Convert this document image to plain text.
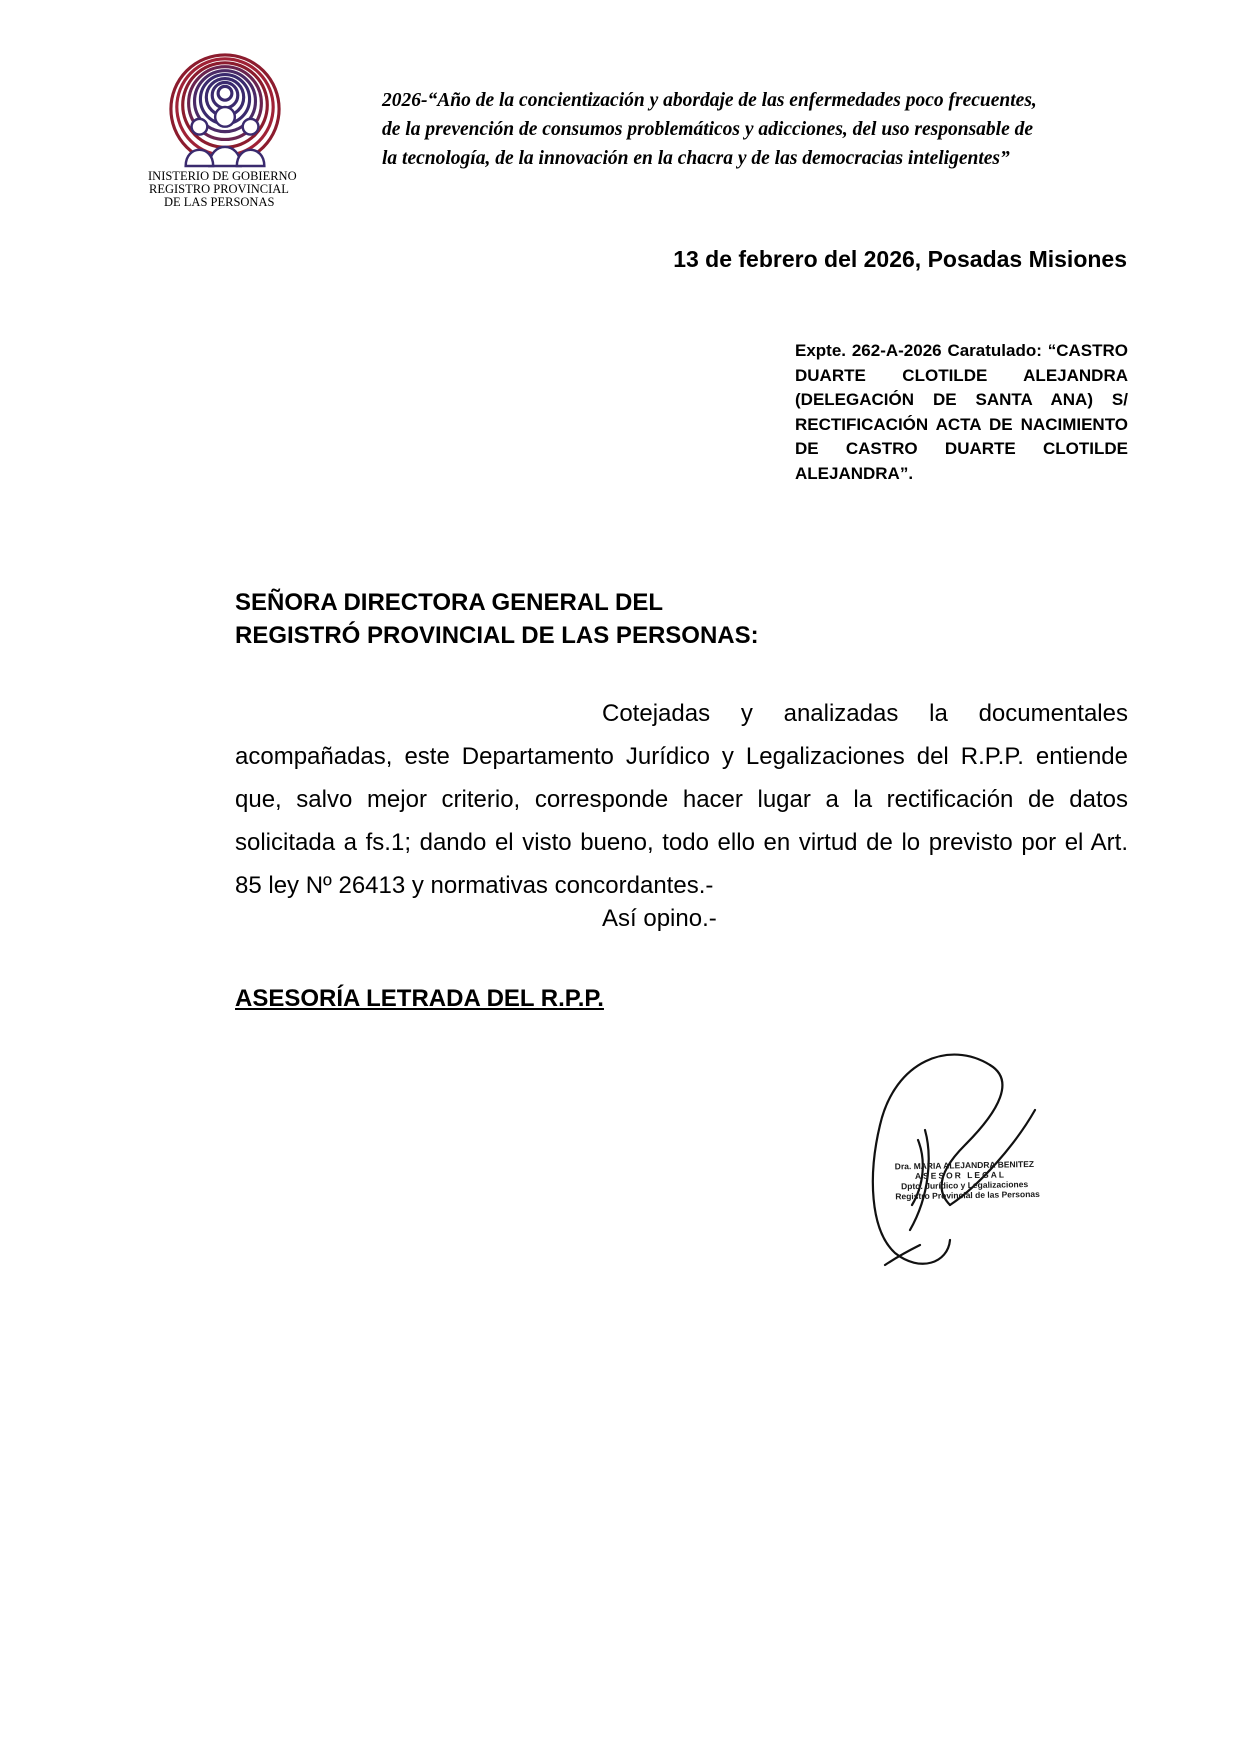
INISTERIO DE GOBIERNO
REGISTRO PROVINCIAL
DE LAS PERSONAS
2026-“Año de la concientización y abordaje de las enfermedades poco frecuentes,
de la prevención de consumos problemáticos y adicciones, del uso responsable de
la tecnología, de la innovación en la chacra y de las democracias inteligentes”
13 de febrero del 2026, Posadas Misiones
Expte. 262-A-2026 Caratulado: “CASTRO DUARTE CLOTILDE ALEJANDRA (DELEGACIÓN DE SANTA ANA) S/ RECTIFICACIÓN ACTA DE NACIMIENTO DE CASTRO DUARTE CLOTILDE ALEJANDRA”.
SEÑORA DIRECTORA GENERAL DEL
REGISTRÓ PROVINCIAL DE LAS PERSONAS:
Cotejadas y analizadas la documentales acompañadas, este Departamento Jurídico y Legalizaciones del R.P.P. entiende que, salvo mejor criterio, corresponde hacer lugar a la rectificación de datos solicitada a fs.1; dando el visto bueno, todo ello en virtud de lo previsto por el Art. 85 ley Nº 26413 y normativas concordantes.-
Así opino.-
ASESORÍA LETRADA DEL R.P.P.
Dra. MARIA ALEJANDRA BENITEZ
ASESOR LEGAL
Dpto. Jurídico y Legalizaciones
Registro Provincial de las Personas
